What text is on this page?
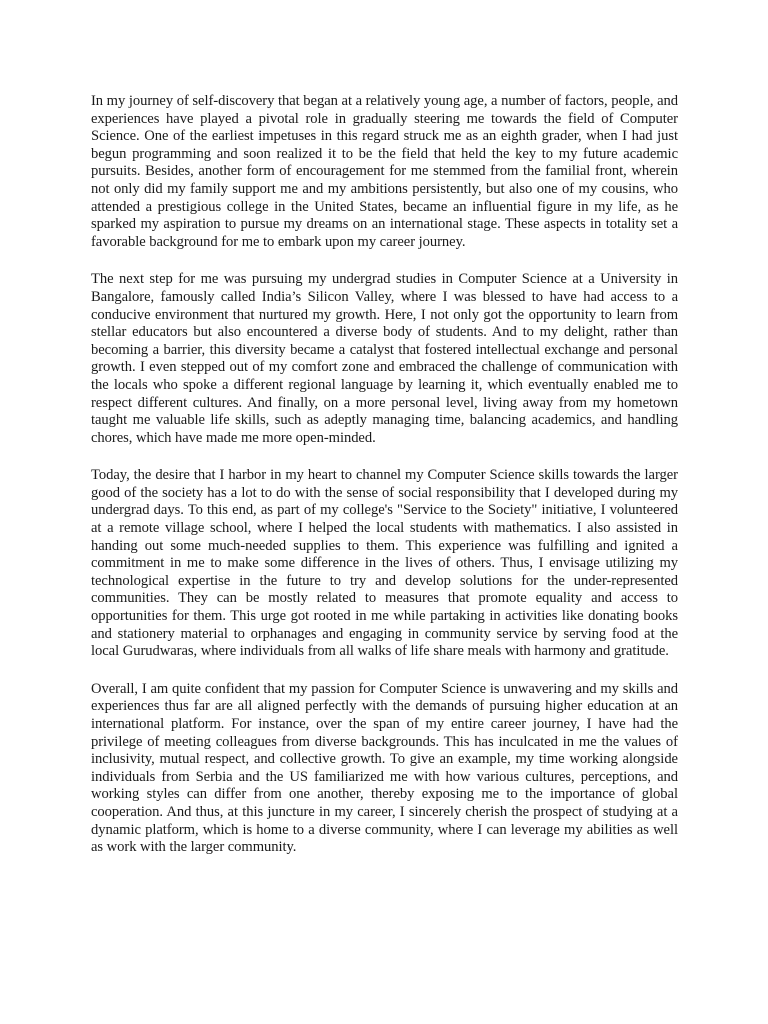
In my journey of self-discovery that began at a relatively young age, a number of factors, people, and experiences have played a pivotal role in gradually steering me towards the field of Computer Science. One of the earliest impetuses in this regard struck me as an eighth grader, when I had just begun programming and soon realized it to be the field that held the key to my future academic pursuits. Besides, another form of encouragement for me stemmed from the familial front, wherein not only did my family support me and my ambitions persistently, but also one of my cousins, who attended a prestigious college in the United States, became an influential figure in my life, as he sparked my aspiration to pursue my dreams on an international stage. These aspects in totality set a favorable background for me to embark upon my career journey.

The next step for me was pursuing my undergrad studies in Computer Science at a University in Bangalore, famously called India’s Silicon Valley, where I was blessed to have had access to a conducive environment that nurtured my growth. Here, I not only got the opportunity to learn from stellar educators but also encountered a diverse body of students. And to my delight, rather than becoming a barrier, this diversity became a catalyst that fostered intellectual exchange and personal growth. I even stepped out of my comfort zone and embraced the challenge of communication with the locals who spoke a different regional language by learning it, which eventually enabled me to respect different cultures. And finally, on a more personal level, living away from my hometown taught me valuable life skills, such as adeptly managing time, balancing academics, and handling chores, which have made me more open-minded.

Today, the desire that I harbor in my heart to channel my Computer Science skills towards the larger good of the society has a lot to do with the sense of social responsibility that I developed during my undergrad days. To this end, as part of my college's "Service to the Society" initiative, I volunteered at a remote village school, where I helped the local students with mathematics. I also assisted in handing out some much-needed supplies to them. This experience was fulfilling and ignited a commitment in me to make some difference in the lives of others. Thus, I envisage utilizing my technological expertise in the future to try and develop solutions for the under-represented communities. They can be mostly related to measures that promote equality and access to opportunities for them. This urge got rooted in me while partaking in activities like donating books and stationery material to orphanages and engaging in community service by serving food at the local Gurudwaras, where individuals from all walks of life share meals with harmony and gratitude.

Overall, I am quite confident that my passion for Computer Science is unwavering and my skills and experiences thus far are all aligned perfectly with the demands of pursuing higher education at an international platform. For instance, over the span of my entire career journey, I have had the privilege of meeting colleagues from diverse backgrounds. This has inculcated in me the values of inclusivity, mutual respect, and collective growth. To give an example, my time working alongside individuals from Serbia and the US familiarized me with how various cultures, perceptions, and working styles can differ from one another, thereby exposing me to the importance of global cooperation. And thus, at this juncture in my career, I sincerely cherish the prospect of studying at a dynamic platform, which is home to a diverse community, where I can leverage my abilities as well as work with the larger community.
